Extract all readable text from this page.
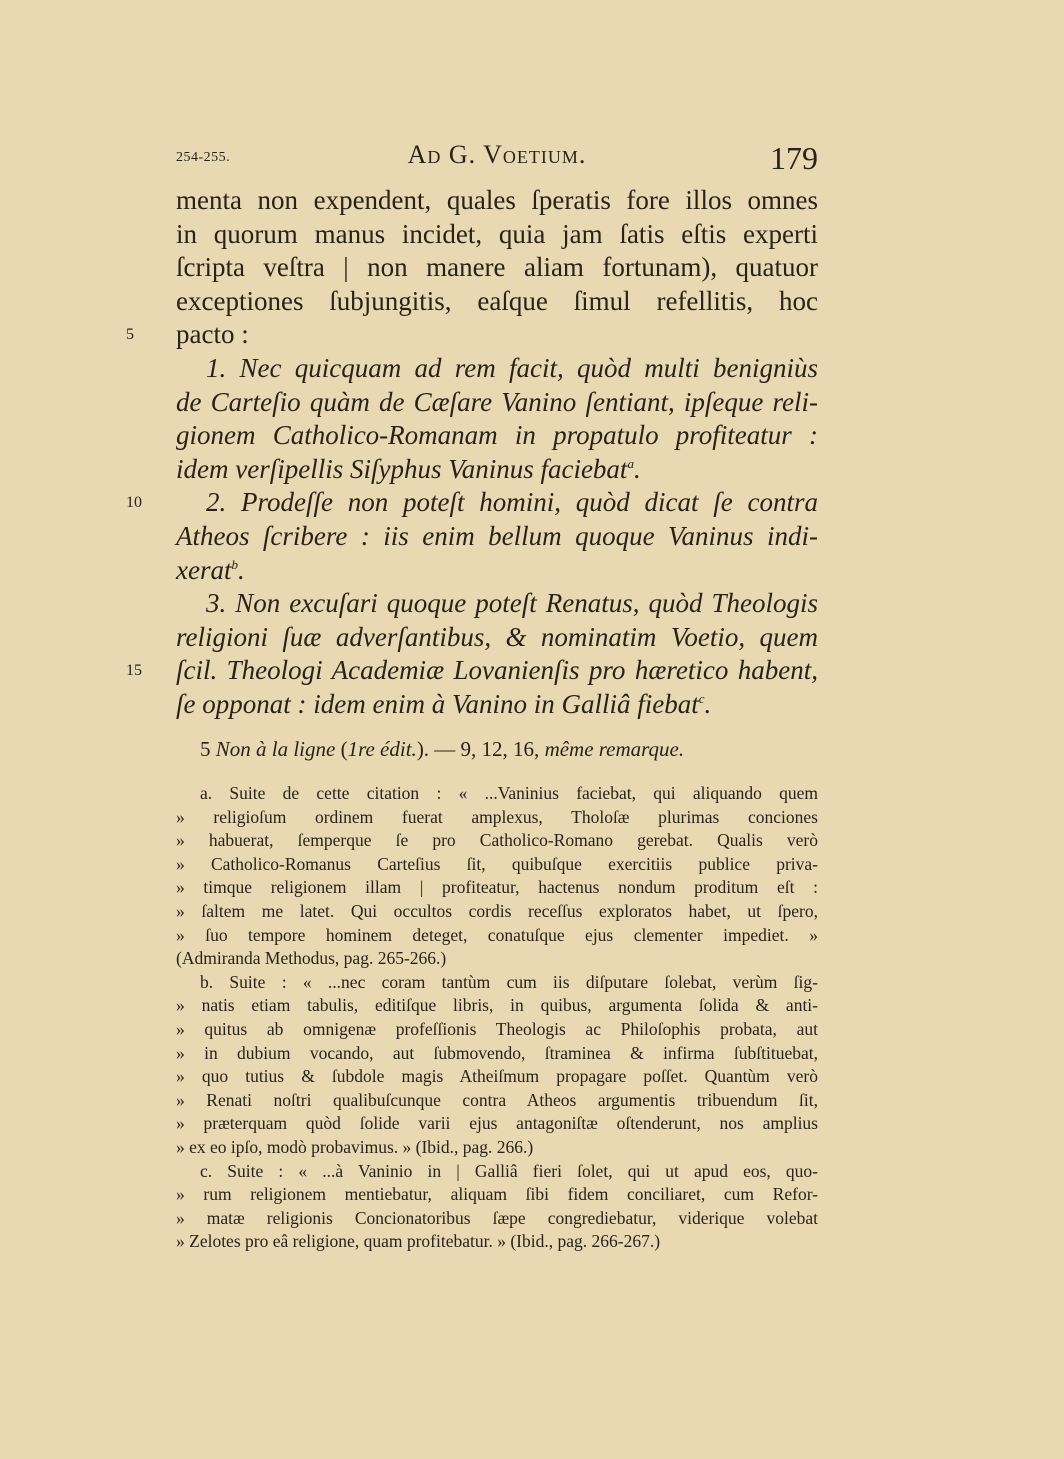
254-255.	Ad G. Voetium.	179
menta non expendent, quales ſperatis fore illos omnes
in quorum manus incidet, quia jam ſatis eſtis experti
ſcripta veſtra | non manere aliam fortunam), quatuor
exceptiones ſubjungitis, eaſque ſimul refellitis, hoc
5	pacto :
1. Nec quicquam ad rem facit, quòd multi benigniùs
de Carteſio quàm de Cæſare Vanino ſentiant, ipſeque reli-
gionem Catholico-Romanam in propatulo profiteatur :
idem verſipellis Siſyphus Vaninus faciebat$^a$.
10	2. Prodeſſe non poteſt homini, quòd dicat ſe contra
Atheos ſcribere : iis enim bellum quoque Vaninus indi-
xerat$^b$.
3. Non excuſari quoque poteſt Renatus, quòd Theologis
religioni ſuæ adverſantibus, & nominatim Voetio, quem
15	ſcil. Theologi Academiæ Lovanienſis pro hæretico habent,
ſe opponat : idem enim à Vanino in Galliâ fiebat$^c$.
5 Non à la ligne (1re édit.). — 9, 12, 16, même remarque.
a. Suite de cette citation : « ...Vaninius faciebat, qui aliquando quem
» religioſum ordinem fuerat amplexus, Tholoſæ plurimas conciones
» habuerat, ſemperque ſe pro Catholico-Romano gerebat. Qualis verò
» Catholico-Romanus Carteſius ſit, quibuſque exercitiis publice priva-
» timque religionem illam | profiteatur, hactenus nondum proditum eſt :
» ſaltem me latet. Qui occultos cordis receſſus exploratos habet, ut ſpero,
» ſuo tempore hominem deteget, conatuſque ejus clementer impediet. »
(Admiranda Methodus, pag. 265-266.)
b. Suite : « ...nec coram tantùm cum iis diſputare ſolebat, verùm ſig-
» natis etiam tabulis, editiſque libris, in quibus, argumenta ſolida & anti-
» quitus ab omnigenæ profeſſionis Theologis ac Philoſophis probata, aut
» in dubium vocando, aut ſubmovendo, ſtraminea & infirma ſubſtituebat,
» quo tutius & ſubdole magis Atheiſmum propagare poſſet. Quantùm verò
» Renati noſtri qualibuſcunque contra Atheos argumentis tribuendum ſit,
» præterquam quòd ſolide varii ejus antagoniſtæ oſtenderunt, nos amplius
» ex eo ipſo, modò probavimus. » (Ibid., pag. 266.)
c. Suite : « ...à Vaninio in | Galliâ fieri ſolet, qui ut apud eos, quo-
» rum religionem mentiebatur, aliquam ſibi fidem conciliaret, cum Refor-
» matæ religionis Concionatoribus ſæpe congrediebatur, viderique volebat
» Zelotes pro eâ religione, quam profitebatur. » (Ibid., pag. 266-267.)
